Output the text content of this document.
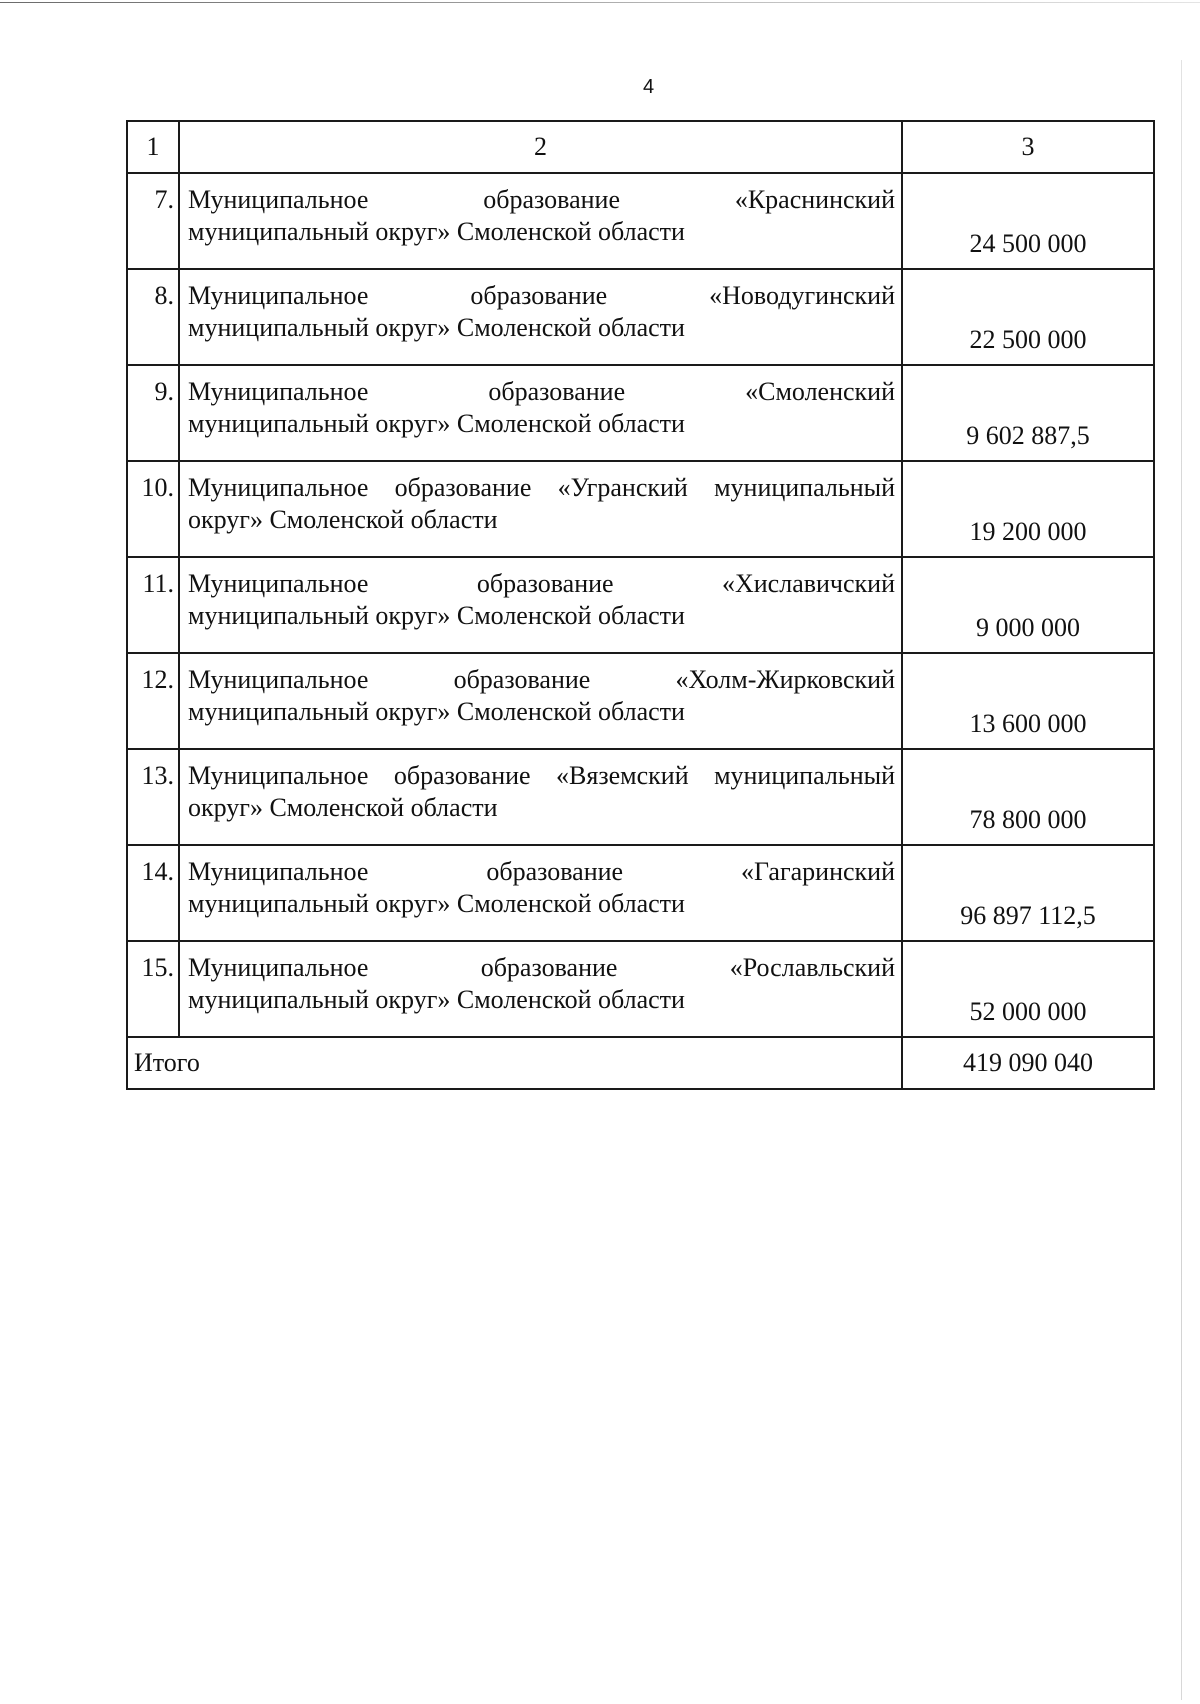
4
1	2	3
7.	Муниципальное образование «Краснинский
муниципальный округ» Смоленской области	24 500 000
8.	Муниципальное образование «Новодугинский
муниципальный округ» Смоленской области	22 500 000
9.	Муниципальное образование «Смоленский
муниципальный округ» Смоленской области	9 602 887,5
10.	Муниципальное образование «Угранский муниципальный
округ» Смоленской области	19 200 000
11.	Муниципальное образование «Хиславичский
муниципальный округ» Смоленской области	9 000 000
12.	Муниципальное образование «Холм-Жирковский
муниципальный округ» Смоленской области	13 600 000
13.	Муниципальное образование «Вяземский муниципальный
округ» Смоленской области	78 800 000
14.	Муниципальное образование «Гагаринский
муниципальный округ» Смоленской области	96 897 112,5
15.	Муниципальное образование «Рославльский
муниципальный округ» Смоленской области	52 000 000
Итого		419 090 040
